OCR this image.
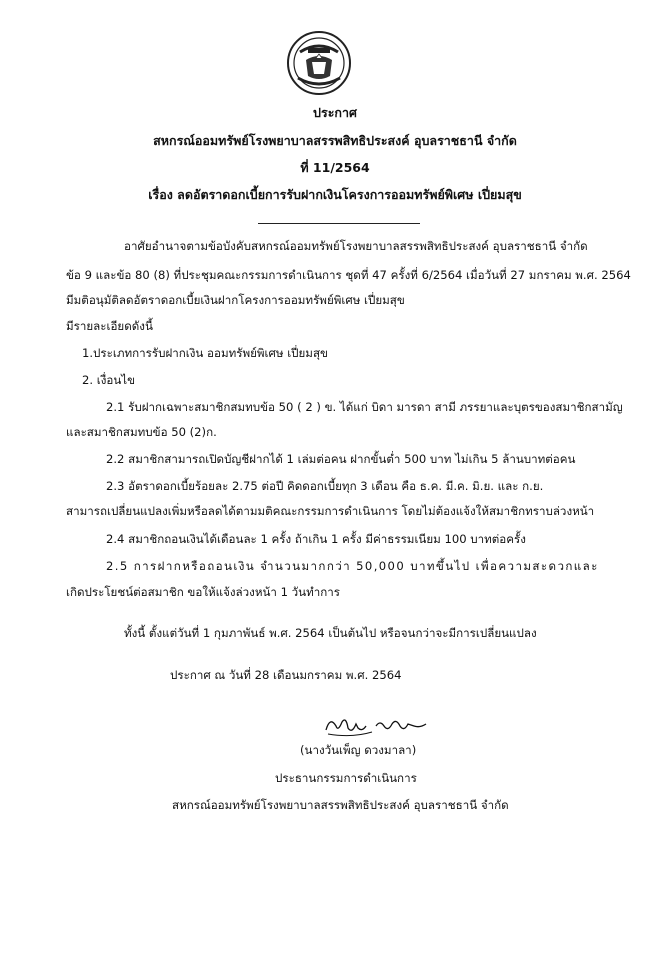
ประกาศ
สหกรณ์ออมทรัพย์โรงพยาบาลสรรพสิทธิประสงค์ อุบลราชธานี จำกัด
ที่ 11/2564
เรื่อง ลดอัตราดอกเบี้ยการรับฝากเงินโครงการออมทรัพย์พิเศษ เปี่ยมสุข
อาศัยอำนาจตามข้อบังคับสหกรณ์ออมทรัพย์โรงพยาบาลสรรพสิทธิประสงค์ อุบลราชธานี จำกัด
ข้อ 9 และข้อ 80 (8) ที่ประชุมคณะกรรมการดำเนินการ ชุดที่ 47 ครั้งที่ 6/2564 เมื่อวันที่ 27 มกราคม พ.ศ. 2564
มีมติอนุมัติลดอัตราดอกเบี้ยเงินฝากโครงการออมทรัพย์พิเศษ เปี่ยมสุข
มีรายละเอียดดังนี้
1.ประเภทการรับฝากเงิน ออมทรัพย์พิเศษ เปี่ยมสุข
2. เงื่อนไข
2.1 รับฝากเฉพาะสมาชิกสมทบข้อ 50 ( 2 ) ข. ได้แก่ บิดา มารดา สามี ภรรยาและบุตรของสมาชิกสามัญ
และสมาชิกสมทบข้อ 50 (2)ก.
2.2 สมาชิกสามารถเปิดบัญชีฝากได้ 1 เล่มต่อคน ฝากขั้นต่ำ 500 บาท ไม่เกิน 5 ล้านบาทต่อคน
2.3 อัตราดอกเบี้ยร้อยละ 2.75 ต่อปี คิดดอกเบี้ยทุก 3 เดือน คือ ธ.ค. มี.ค. มิ.ย. และ ก.ย.
สามารถเปลี่ยนแปลงเพิ่มหรือลดได้ตามมติคณะกรรมการดำเนินการ โดยไม่ต้องแจ้งให้สมาชิกทราบล่วงหน้า
2.4 สมาชิกถอนเงินได้เดือนละ 1 ครั้ง ถ้าเกิน 1 ครั้ง มีค่าธรรมเนียม 100 บาทต่อครั้ง
2.5 การฝากหรือถอนเงิน จำนวนมากกว่า 50,000 บาทขึ้นไป เพื่อความสะดวกและ
เกิดประโยชน์ต่อสมาชิก ขอให้แจ้งล่วงหน้า 1 วันทำการ
ทั้งนี้ ตั้งแต่วันที่ 1 กุมภาพันธ์ พ.ศ. 2564 เป็นต้นไป หรือจนกว่าจะมีการเปลี่ยนแปลง
ประกาศ ณ วันที่ 28 เดือนมกราคม พ.ศ. 2564
(นางวันเพ็ญ ดวงมาลา)
ประธานกรรมการดำเนินการ
สหกรณ์ออมทรัพย์โรงพยาบาลสรรพสิทธิประสงค์ อุบลราชธานี จำกัด
